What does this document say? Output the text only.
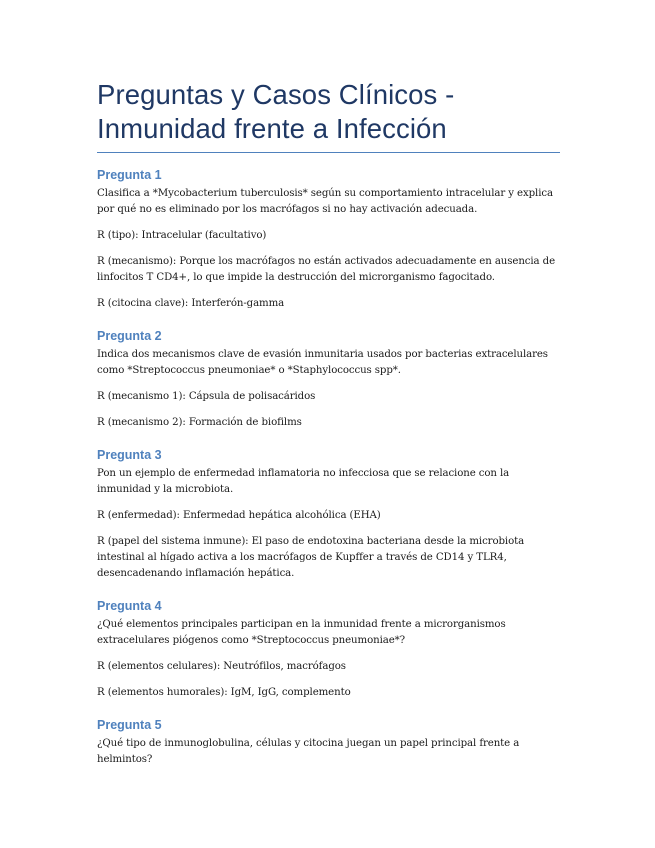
Preguntas y Casos Clínicos - Inmunidad frente a Infección
Pregunta 1

Clasifica a *Mycobacterium tuberculosis* según su comportamiento intracelular y explica por qué no es eliminado por los macrófagos si no hay activación adecuada.

R (tipo): Intracelular (facultativo)

R (mecanismo): Porque los macrófagos no están activados adecuadamente en ausencia de linfocitos T CD4+, lo que impide la destrucción del microrganismo fagocitado.

R (citocina clave): Interferón-gamma

Pregunta 2

Indica dos mecanismos clave de evasión inmunitaria usados por bacterias extracelulares como *Streptococcus pneumoniae* o *Staphylococcus spp*.

R (mecanismo 1): Cápsula de polisacáridos

R (mecanismo 2): Formación de biofilms

Pregunta 3

Pon un ejemplo de enfermedad inflamatoria no infecciosa que se relacione con la inmunidad y la microbiota.

R (enfermedad): Enfermedad hepática alcohólica (EHA)

R (papel del sistema inmune): El paso de endotoxina bacteriana desde la microbiota intestinal al hígado activa a los macrófagos de Kupffer a través de CD14 y TLR4, desencadenando inflamación hepática.

Pregunta 4

¿Qué elementos principales participan en la inmunidad frente a microrganismos extracelulares piógenos como *Streptococcus pneumoniae*?

R (elementos celulares): Neutrófilos, macrófagos

R (elementos humorales): IgM, IgG, complemento

Pregunta 5

¿Qué tipo de inmunoglobulina, células y citocina juegan un papel principal frente a helmintos?
